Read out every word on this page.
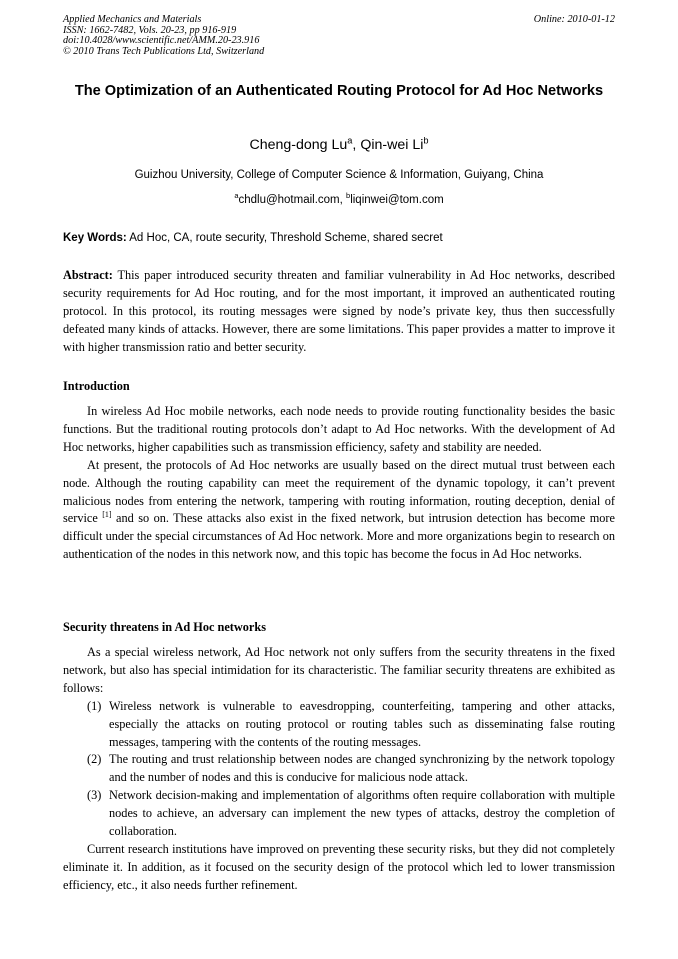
Applied Mechanics and Materials
ISSN: 1662-7482, Vols. 20-23, pp 916-919
doi:10.4028/www.scientific.net/AMM.20-23.916
© 2010 Trans Tech Publications Ltd, Switzerland
Online: 2010-01-12
The Optimization of an Authenticated Routing Protocol for Ad Hoc Networks
Cheng-dong Lu$^a$, Qin-wei Li$^b$
Guizhou University, College of Computer Science & Information, Guiyang, China
$^a$chdlu@hotmail.com, $^b$liqinwei@tom.com
Key Words: Ad Hoc, CA, route security, Threshold Scheme, shared secret
Abstract: This paper introduced security threaten and familiar vulnerability in Ad Hoc networks, described security requirements for Ad Hoc routing, and for the most important, it improved an authenticated routing protocol. In this protocol, its routing messages were signed by node’s private key, thus then successfully defeated many kinds of attacks. However, there are some limitations. This paper provides a matter to improve it with higher transmission ratio and better security.
Introduction

In wireless Ad Hoc mobile networks, each node needs to provide routing functionality besides the basic functions. But the traditional routing protocols don’t adapt to Ad Hoc networks. With the development of Ad Hoc networks, higher capabilities such as transmission efficiency, safety and stability are needed.

At present, the protocols of Ad Hoc networks are usually based on the direct mutual trust between each node. Although the routing capability can meet the requirement of the dynamic topology, it can’t prevent malicious nodes from entering the network, tampering with routing information, routing deception, denial of service [1] and so on. These attacks also exist in the fixed network, but intrusion detection has become more difficult under the special circumstances of Ad Hoc network. More and more organizations begin to research on authentication of the nodes in this network now, and this topic has become the focus in Ad Hoc networks.

Security threatens in Ad Hoc networks

As a special wireless network, Ad Hoc network not only suffers from the security threatens in the fixed network, but also has special intimidation for its characteristic. The familiar security threatens are exhibited as follows:

(1) Wireless network is vulnerable to eavesdropping, counterfeiting, tampering and other attacks, especially the attacks on routing protocol or routing tables such as disseminating false routing messages, tampering with the contents of the routing messages.
(2) The routing and trust relationship between nodes are changed synchronizing by the network topology and the number of nodes and this is conducive for malicious node attack.
(3) Network decision-making and implementation of algorithms often require collaboration with multiple nodes to achieve, an adversary can implement the new types of attacks, destroy the completion of collaboration.

Current research institutions have improved on preventing these security risks, but they did not completely eliminate it. In addition, as it focused on the security design of the protocol which led to lower transmission efficiency, etc., it also needs further refinement.
